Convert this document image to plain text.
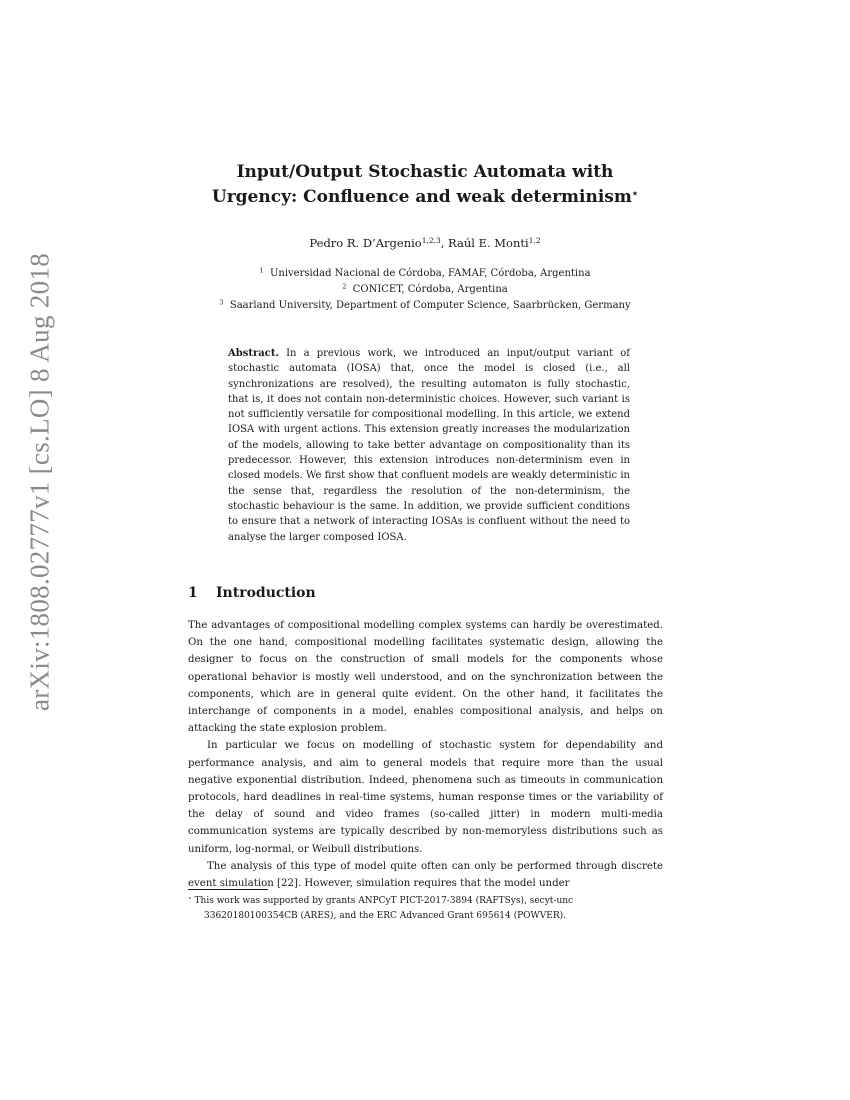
arXiv:1808.02777v1 [cs.LO] 8 Aug 2018
Input/Output Stochastic Automata with
Urgency: Confluence and weak determinism⋆
Pedro R. D’Argenio$^{1,2,3}$, Raúl E. Monti$^{1,2}$
$^1$ Universidad Nacional de Córdoba, FAMAF, Córdoba, Argentina
$^2$ CONICET, Córdoba, Argentina
$^3$ Saarland University, Department of Computer Science, Saarbrücken, Germany
Abstract. In a previous work, we introduced an input/output variant of stochastic automata (IOSA) that, once the model is closed (i.e., all synchronizations are resolved), the resulting automaton is fully stochastic, that is, it does not contain non-deterministic choices. However, such variant is not sufficiently versatile for compositional modelling. In this article, we extend IOSA with urgent actions. This extension greatly increases the modularization of the models, allowing to take better advantage on compositionality than its predecessor. However, this extension introduces non-determinism even in closed models. We first show that confluent models are weakly deterministic in the sense that, regardless the resolution of the non-determinism, the stochastic behaviour is the same. In addition, we provide sufficient conditions to ensure that a network of interacting IOSAs is confluent without the need to analyse the larger composed IOSA.
1 Introduction

The advantages of compositional modelling complex systems can hardly be overestimated. On the one hand, compositional modelling facilitates systematic design, allowing the designer to focus on the construction of small models for the components whose operational behavior is mostly well understood, and on the synchronization between the components, which are in general quite evident. On the other hand, it facilitates the interchange of components in a model, enables compositional analysis, and helps on attacking the state explosion problem.

In particular we focus on modelling of stochastic system for dependability and performance analysis, and aim to general models that require more than the usual negative exponential distribution. Indeed, phenomena such as timeouts in communication protocols, hard deadlines in real-time systems, human response times or the variability of the delay of sound and video frames (so-called jitter) in modern multi-media communication systems are typically described by non-memoryless distributions such as uniform, log-normal, or Weibull distributions.

The analysis of this type of model quite often can only be performed through discrete event simulation [22]. However, simulation requires that the model under

⋆ This work was supported by grants ANPCyT PICT-2017-3894 (RAFTSys), secyt-unc
33620180100354CB (ARES), and the ERC Advanced Grant 695614 (POWVER).
